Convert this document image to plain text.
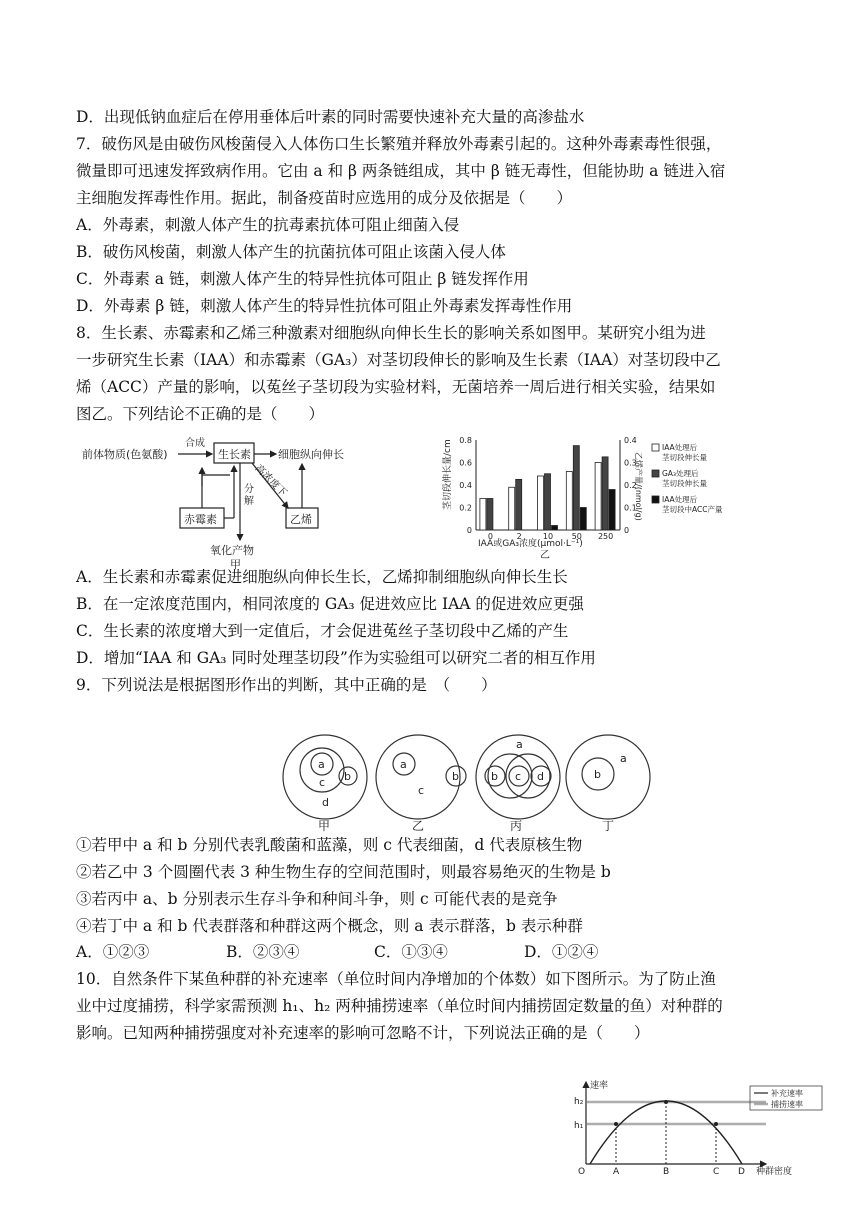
D．出现低钠血症后在停用垂体后叶素的同时需要快速补充大量的高渗盐水
7．破伤风是由破伤风梭菌侵入人体伤口生长繁殖并释放外毒素引起的。这种外毒素毒性很强，
微量即可迅速发挥致病作用。它由 a 和 β 两条链组成，其中 β 链无毒性，但能协助 a 链进入宿
主细胞发挥毒性作用。据此，制备疫苗时应选用的成分及依据是（　　）
A．外毒素，刺激人体产生的抗毒素抗体可阻止细菌入侵
B．破伤风梭菌，刺激人体产生的抗菌抗体可阻止该菌入侵人体
C．外毒素 a 链，刺激人体产生的特异性抗体可阻止 β 链发挥作用
D．外毒素 β 链，刺激人体产生的特异性抗体可阻止外毒素发挥毒性作用
8．生长素、赤霉素和乙烯三种激素对细胞纵向伸长生长的影响关系如图甲。某研究小组为进
一步研究生长素（IAA）和赤霉素（GA₃）对茎切段伸长的影响及生长素（IAA）对茎切段中乙
烯（ACC）产量的影响，以菟丝子茎切段为实验材料，无菌培养一周后进行相关实验，结果如
图乙。下列结论不正确的是（　　）
前体物质(色氨酸)
合成
生长素 细胞纵向伸长
赤霉素
分
解
氧化产物
高浓度下
乙烯
甲
茎切段伸长量/cm	乙烯产量/(nmol/g)
IAA或GA₃浓度(μmol·L⁻¹)
乙
0.8
0.6
0.4
0.2
0
0.4
0.3
0.2
0.1
0
0	2	10 50 250
IAA处理后茎切段伸长量
GA₃处理后茎切段伸长量
IAA处理后茎切段中ACC产量
A．生长素和赤霉素促进细胞纵向伸长生长，乙烯抑制细胞纵向伸长生长
B．在一定浓度范围内，相同浓度的 GA₃ 促进效应比 IAA 的促进效应更强
C．生长素的浓度增大到一定值后，才会促进菟丝子茎切段中乙烯的产生
D．增加“IAA 和 GA₃ 同时处理茎切段”作为实验组可以研究二者的相互作用
9．下列说法是根据图形作出的判断，其中正确的是　（　　）
a
c b
d
甲
a
c
b
乙
a
b c d
丙
b
a
丁
①若甲中 a 和 b 分别代表乳酸菌和蓝藻，则 c 代表细菌，d 代表原核生物
②若乙中 3 个圆圈代表 3 种生物生存的空间范围时，则最容易绝灭的生物是 b
③若丙中 a、b 分别表示生存斗争和种间斗争，则 c 可能代表的是竞争
④若丁中 a 和 b 代表群落和种群这两个概念，则 a 表示群落，b 表示种群
A．①②③	B．②③④	C．①③④	D．①②④
10．自然条件下某鱼种群的补充速率（单位时间内净增加的个体数）如下图所示。为了防止渔
业中过度捕捞，科学家需预测 h₁、h₂ 两种捕捞速率（单位时间内捕捞固定数量的鱼）对种群的
影响。已知两种捕捞强度对补充速率的影响可忽略不计，下列说法正确的是（　　）
速率
h₂
h₁
O	A	B	C D 种群密度
补充速率
捕捞速率
